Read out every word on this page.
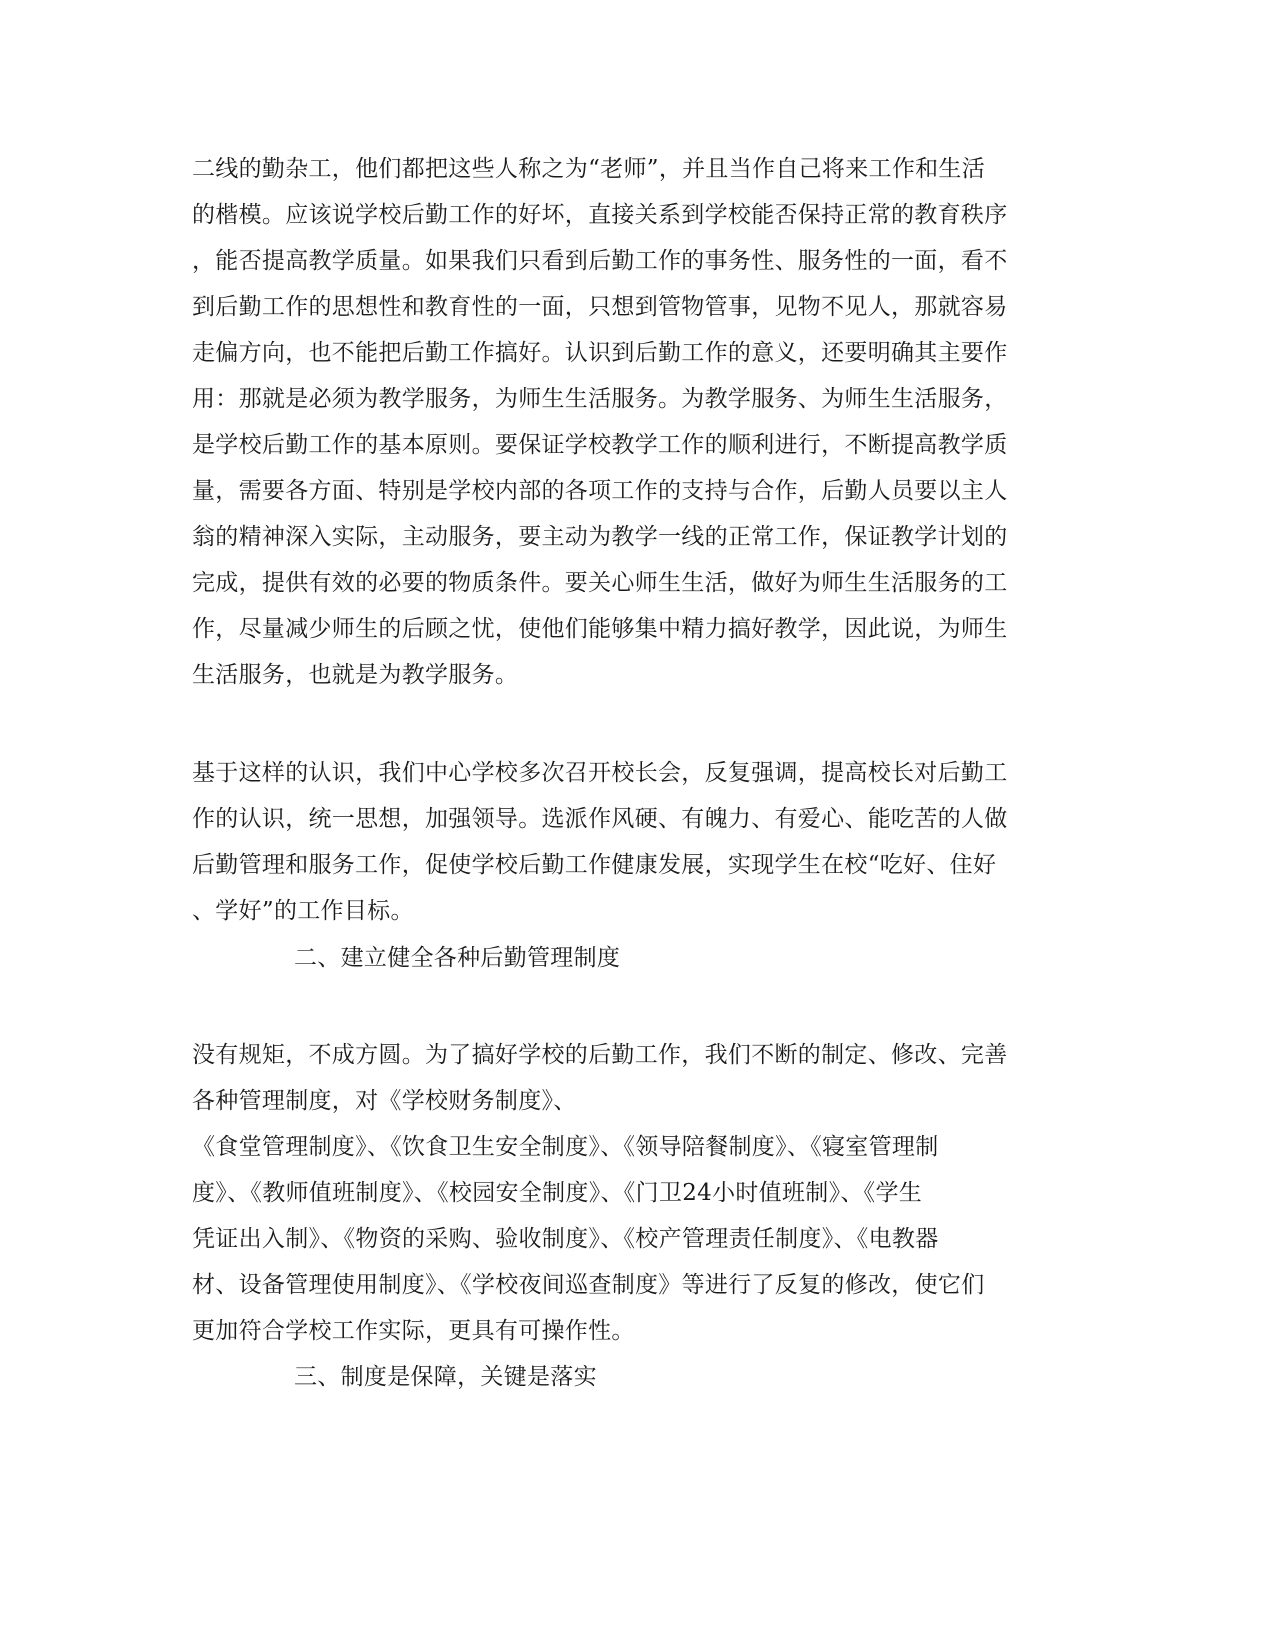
二线的勤杂工，他们都把这些人称之为“老师”，并且当作自己将来工作和生活
的楷模。应该说学校后勤工作的好坏，直接关系到学校能否保持正常的教育秩序
，能否提高教学质量。如果我们只看到后勤工作的事务性、服务性的一面，看不
到后勤工作的思想性和教育性的一面，只想到管物管事，见物不见人，那就容易
走偏方向，也不能把后勤工作搞好。认识到后勤工作的意义，还要明确其主要作
用：那就是必须为教学服务，为师生生活服务。为教学服务、为师生生活服务，
是学校后勤工作的基本原则。要保证学校教学工作的顺利进行，不断提高教学质
量，需要各方面、特别是学校内部的各项工作的支持与合作，后勤人员要以主人
翁的精神深入实际，主动服务，要主动为教学一线的正常工作，保证教学计划的
完成，提供有效的必要的物质条件。要关心师生生活，做好为师生生活服务的工
作，尽量减少师生的后顾之忧，使他们能够集中精力搞好教学，因此说，为师生
生活服务，也就是为教学服务。
基于这样的认识，我们中心学校多次召开校长会，反复强调，提高校长对后勤工
作的认识，统一思想，加强领导。选派作风硬、有魄力、有爱心、能吃苦的人做
后勤管理和服务工作，促使学校后勤工作健康发展，实现学生在校“吃好、住好
、学好”的工作目标。
二、建立健全各种后勤管理制度
没有规矩，不成方圆。为了搞好学校的后勤工作，我们不断的制定、修改、完善
各种管理制度，对《学校财务制度》、
《食堂管理制度》、《饮食卫生安全制度》、《领导陪餐制度》、《寝室管理制
度》、《教师值班制度》、《校园安全制度》、《门卫24小时值班制》、《学生
凭证出入制》、《物资的采购、验收制度》、《校产管理责任制度》、《电教器
材、设备管理使用制度》、《学校夜间巡查制度》等进行了反复的修改，使它们
更加符合学校工作实际，更具有可操作性。
三、制度是保障，关键是落实
